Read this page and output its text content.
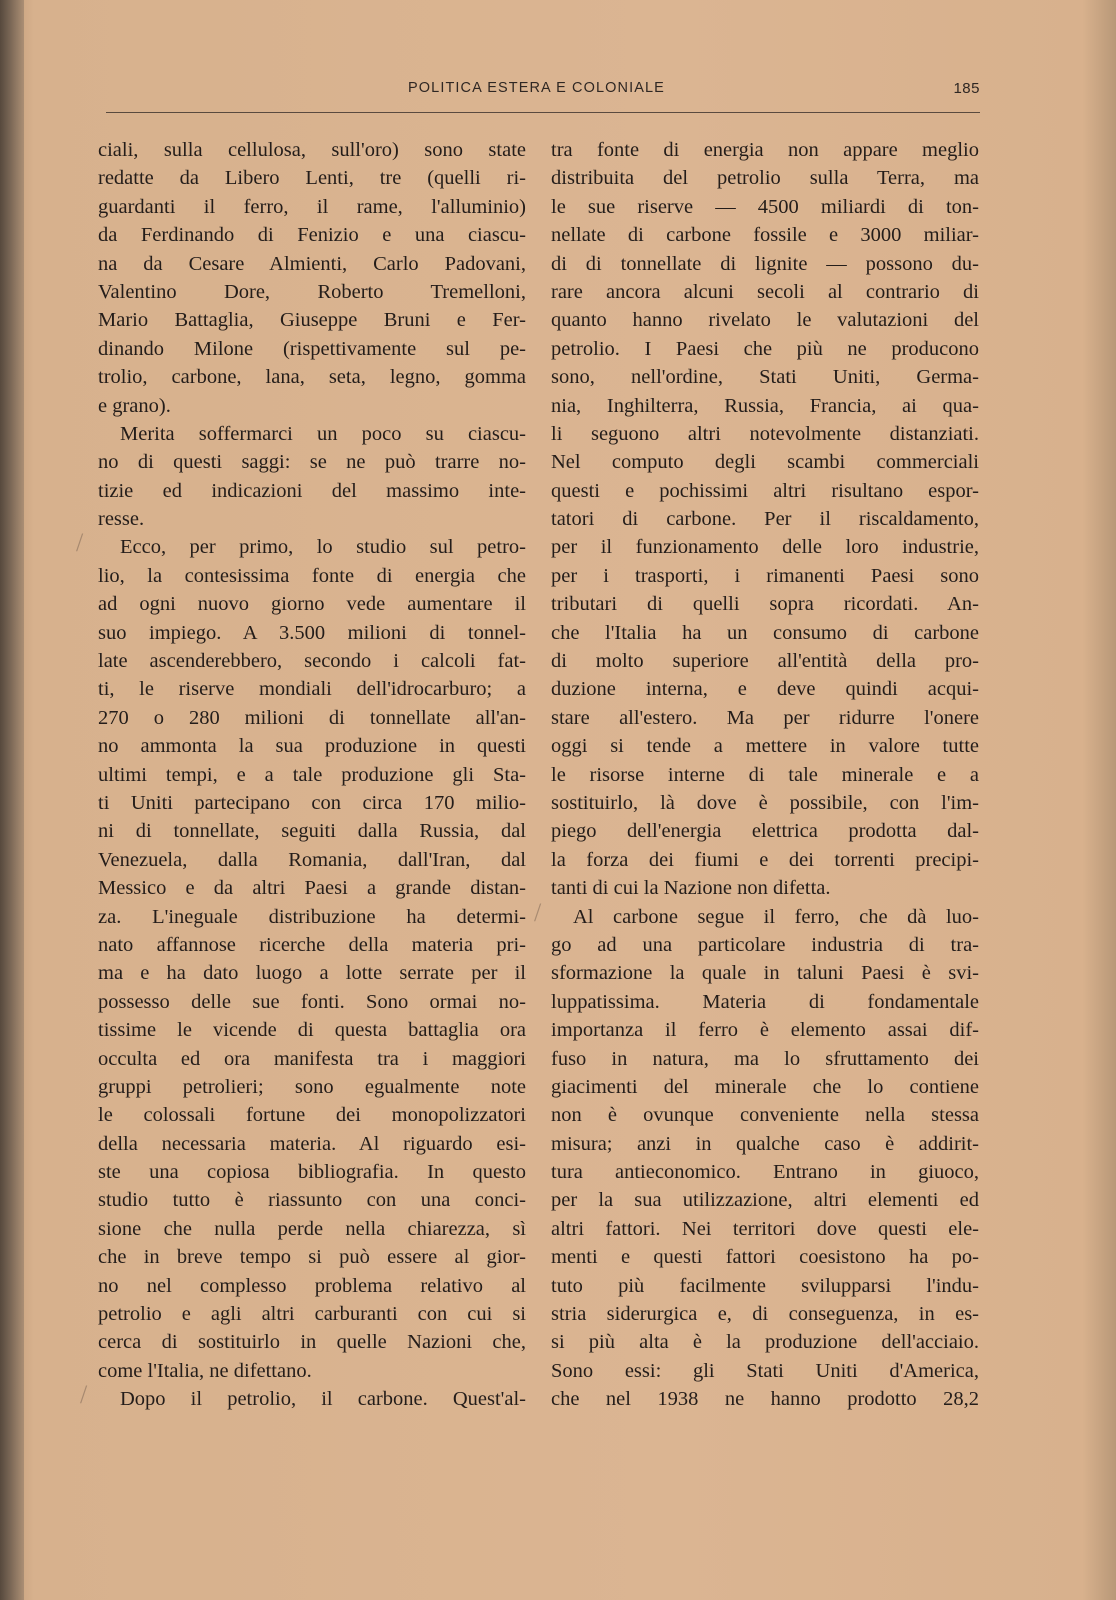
POLITICA ESTERA E COLONIALE	185
/
/
/
ciali, sulla cellulosa, sull'oro) sono state
redatte da Libero Lenti, tre (quelli ri-
guardanti il ferro, il rame, l'alluminio)
da Ferdinando di Fenizio e una ciascu-
na da Cesare Almienti, Carlo Padovani,
Valentino Dore, Roberto Tremelloni,
Mario Battaglia, Giuseppe Bruni e Fer-
dinando Milone (rispettivamente sul pe-
trolio, carbone, lana, seta, legno, gomma
e grano).
Merita soffermarci un poco su ciascu-
no di questi saggi: se ne può trarre no-
tizie ed indicazioni del massimo inte-
resse.
Ecco, per primo, lo studio sul petro-
lio, la contesissima fonte di energia che
ad ogni nuovo giorno vede aumentare il
suo impiego. A 3.500 milioni di tonnel-
late ascenderebbero, secondo i calcoli fat-
ti, le riserve mondiali dell'idrocarburo; a
270 o 280 milioni di tonnellate all'an-
no ammonta la sua produzione in questi
ultimi tempi, e a tale produzione gli Sta-
ti Uniti partecipano con circa 170 milio-
ni di tonnellate, seguiti dalla Russia, dal
Venezuela, dalla Romania, dall'Iran, dal
Messico e da altri Paesi a grande distan-
za. L'ineguale distribuzione ha determi-
nato affannose ricerche della materia pri-
ma e ha dato luogo a lotte serrate per il
possesso delle sue fonti. Sono ormai no-
tissime le vicende di questa battaglia ora
occulta ed ora manifesta tra i maggiori
gruppi petrolieri; sono egualmente note
le colossali fortune dei monopolizzatori
della necessaria materia. Al riguardo esi-
ste una copiosa bibliografia. In questo
studio tutto è riassunto con una conci-
sione che nulla perde nella chiarezza, sì
che in breve tempo si può essere al gior-
no nel complesso problema relativo al
petrolio e agli altri carburanti con cui si
cerca di sostituirlo in quelle Nazioni che,
come l'Italia, ne difettano.
Dopo il petrolio, il carbone. Quest'al-
tra fonte di energia non appare meglio
distribuita del petrolio sulla Terra, ma
le sue riserve — 4500 miliardi di ton-
nellate di carbone fossile e 3000 miliar-
di di tonnellate di lignite — possono du-
rare ancora alcuni secoli al contrario di
quanto hanno rivelato le valutazioni del
petrolio. I Paesi che più ne producono
sono, nell'ordine, Stati Uniti, Germa-
nia, Inghilterra, Russia, Francia, ai qua-
li seguono altri notevolmente distanziati.
Nel computo degli scambi commerciali
questi e pochissimi altri risultano espor-
tatori di carbone. Per il riscaldamento,
per il funzionamento delle loro industrie,
per i trasporti, i rimanenti Paesi sono
tributari di quelli sopra ricordati. An-
che l'Italia ha un consumo di carbone
di molto superiore all'entità della pro-
duzione interna, e deve quindi acqui-
stare all'estero. Ma per ridurre l'onere
oggi si tende a mettere in valore tutte
le risorse interne di tale minerale e a
sostituirlo, là dove è possibile, con l'im-
piego dell'energia elettrica prodotta dal-
la forza dei fiumi e dei torrenti precipi-
tanti di cui la Nazione non difetta.
Al carbone segue il ferro, che dà luo-
go ad una particolare industria di tra-
sformazione la quale in taluni Paesi è svi-
luppatissima. Materia di fondamentale
importanza il ferro è elemento assai dif-
fuso in natura, ma lo sfruttamento dei
giacimenti del minerale che lo contiene
non è ovunque conveniente nella stessa
misura; anzi in qualche caso è addirit-
tura antieconomico. Entrano in giuoco,
per la sua utilizzazione, altri elementi ed
altri fattori. Nei territori dove questi ele-
menti e questi fattori coesistono ha po-
tuto più facilmente svilupparsi l'indu-
stria siderurgica e, di conseguenza, in es-
si più alta è la produzione dell'acciaio.
Sono essi: gli Stati Uniti d'America,
che nel 1938 ne hanno prodotto 28,2
